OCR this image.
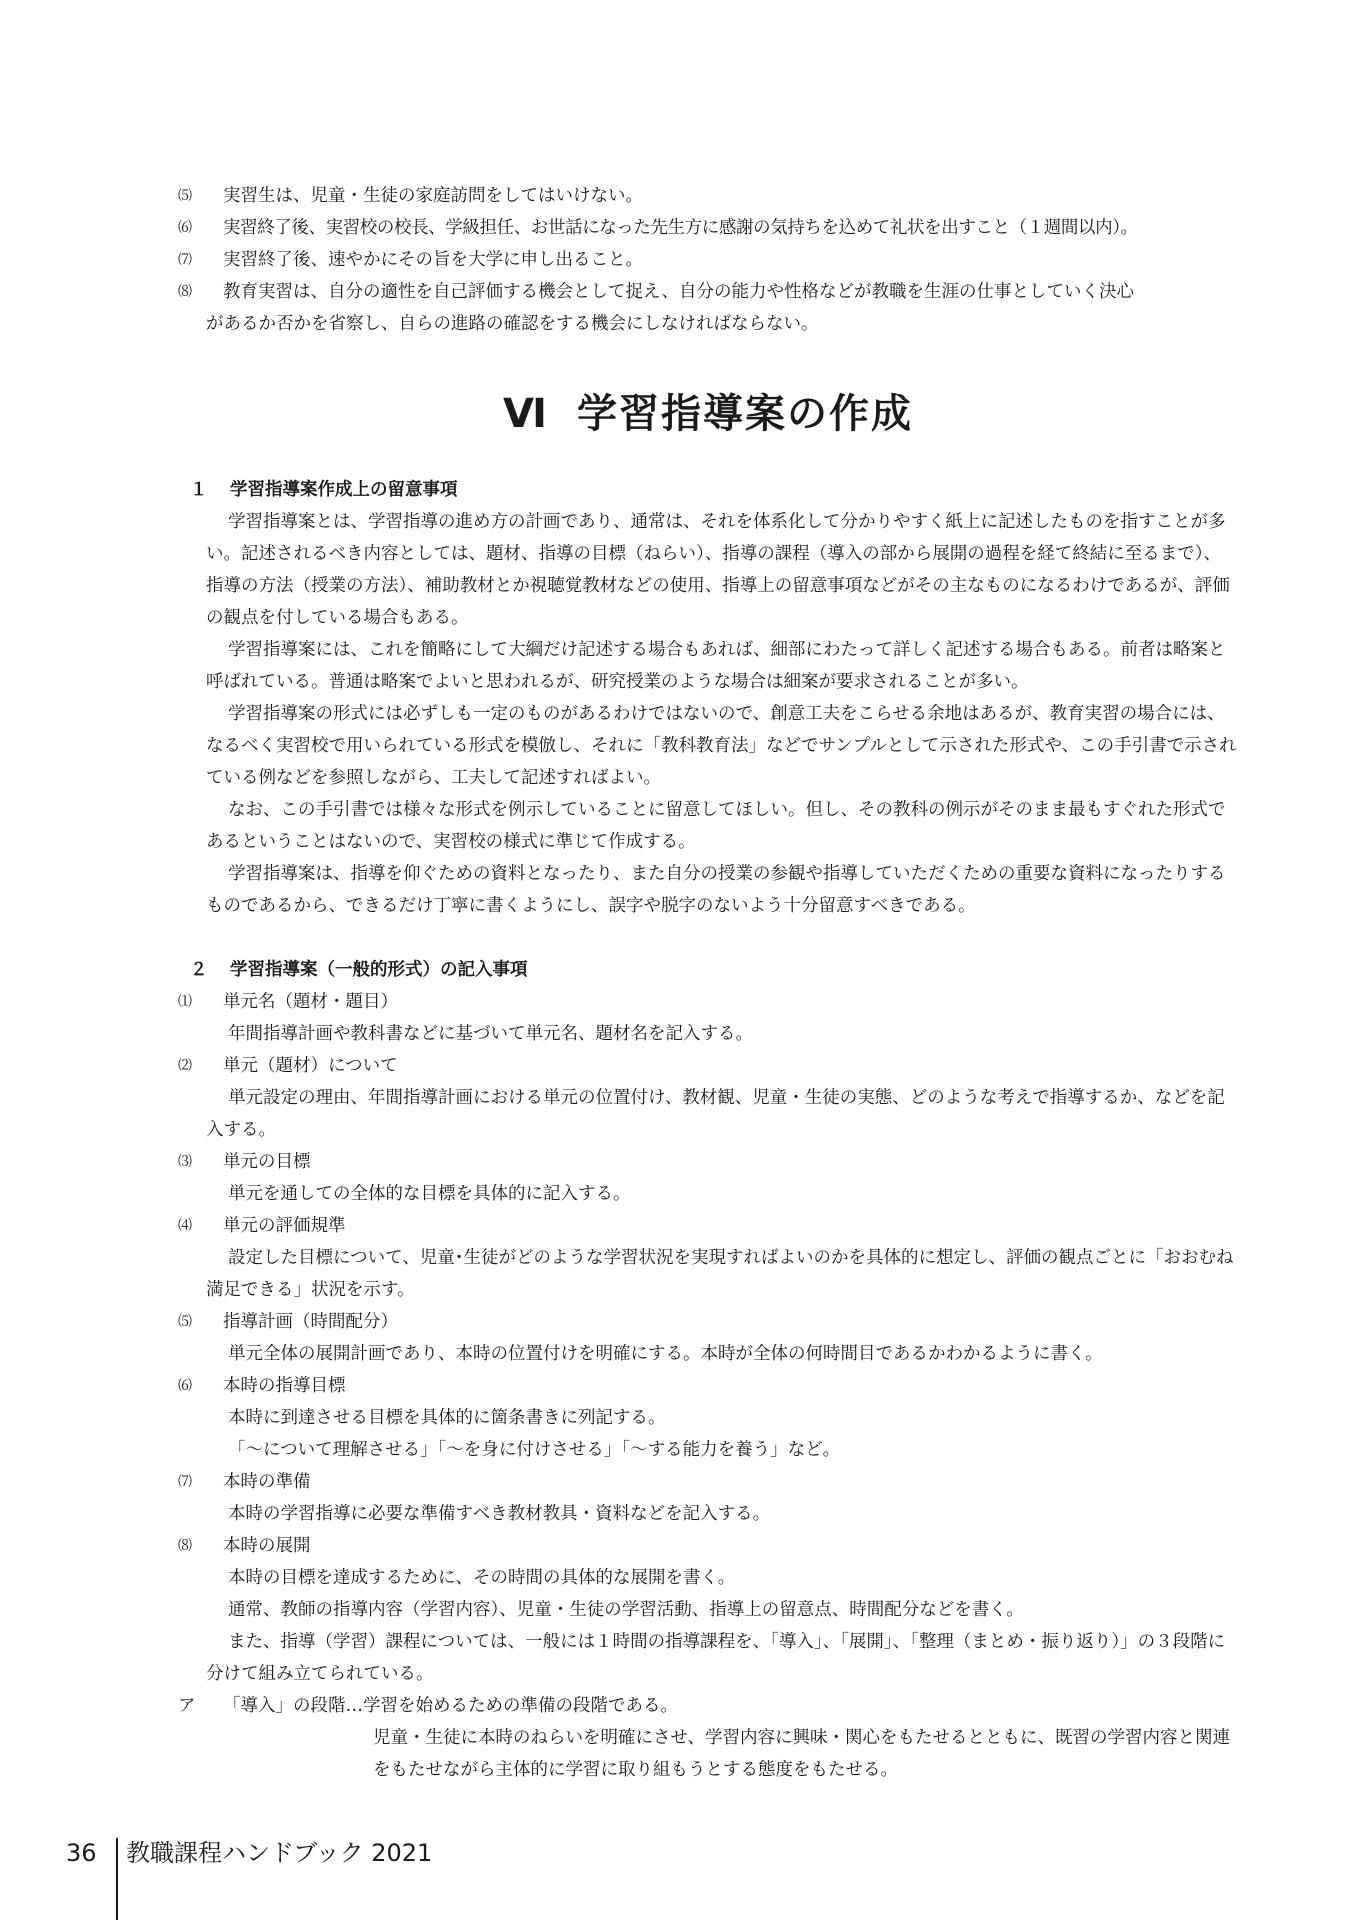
⑸	実習生は、児童・生徒の家庭訪問をしてはいけない。
⑹	実習終了後、実習校の校長、学級担任、お世話になった先生方に感謝の気持ちを込めて礼状を出すこと（１週間以内）。
⑺	実習終了後、速やかにその旨を大学に申し出ること。
⑻	教育実習は、自分の適性を自己評価する機会として捉え、自分の能力や性格などが教職を生涯の仕事としていく決心
があるか否かを省察し、自らの進路の確認をする機会にしなければならない。
Ⅵ 学習指導案の作成
１	学習指導案作成上の留意事項
学習指導案とは、学習指導の進め方の計画であり、通常は、それを体系化して分かりやすく紙上に記述したものを指すことが多い。記述されるべき内容としては、題材、指導の目標（ねらい）、指導の課程（導入の部から展開の過程を経て終結に至るまで）、指導の方法（授業の方法）、補助教材とか視聴覚教材などの使用、指導上の留意事項などがその主なものになるわけであるが、評価の観点を付している場合もある。
学習指導案には、これを簡略にして大綱だけ記述する場合もあれば、細部にわたって詳しく記述する場合もある。前者は略案と呼ばれている。普通は略案でよいと思われるが、研究授業のような場合は細案が要求されることが多い。
学習指導案の形式には必ずしも一定のものがあるわけではないので、創意工夫をこらせる余地はあるが、教育実習の場合には、なるべく実習校で用いられている形式を模倣し、それに「教科教育法」などでサンプルとして示された形式や、この手引書で示されている例などを参照しながら、工夫して記述すればよい。
なお、この手引書では様々な形式を例示していることに留意してほしい。但し、その教科の例示がそのまま最もすぐれた形式であるということはないので、実習校の様式に準じて作成する。
学習指導案は、指導を仰ぐための資料となったり、また自分の授業の参観や指導していただくための重要な資料になったりするものであるから、できるだけ丁寧に書くようにし、誤字や脱字のないよう十分留意すべきである。
２	学習指導案（一般的形式）の記入事項
⑴	単元名（題材・題目）
年間指導計画や教科書などに基づいて単元名、題材名を記入する。
⑵	単元（題材）について
単元設定の理由、年間指導計画における単元の位置付け、教材観、児童・生徒の実態、どのような考えで指導するか、などを記入する。
⑶	単元の目標
単元を通しての全体的な目標を具体的に記入する。
⑷	単元の評価規準
設定した目標について、児童･生徒がどのような学習状況を実現すればよいのかを具体的に想定し、評価の観点ごとに「おおむね満足できる」状況を示す。
⑸	指導計画（時間配分）
単元全体の展開計画であり、本時の位置付けを明確にする。本時が全体の何時間目であるかわかるように書く。
⑹	本時の指導目標
本時に到達させる目標を具体的に箇条書きに列記する。
「～について理解させる」「～を身に付けさせる」「～する能力を養う」など。
⑺	本時の準備
本時の学習指導に必要な準備すべき教材教具・資料などを記入する。
⑻	本時の展開
本時の目標を達成するために、その時間の具体的な展開を書く。
通常、教師の指導内容（学習内容）、児童・生徒の学習活動、指導上の留意点、時間配分などを書く。
また、指導（学習）課程については、一般には１時間の指導課程を、「導入」、「展開」、「整理（まとめ・振り返り）」の３段階に分けて組み立てられている。
ア	「導入」の段階…学習を始めるための準備の段階である。
児童・生徒に本時のねらいを明確にさせ、学習内容に興味・関心をもたせるとともに、既習の学習内容と関連をもたせながら主体的に学習に取り組もうとする態度をもたせる。
36	教職課程ハンドブック 2021
